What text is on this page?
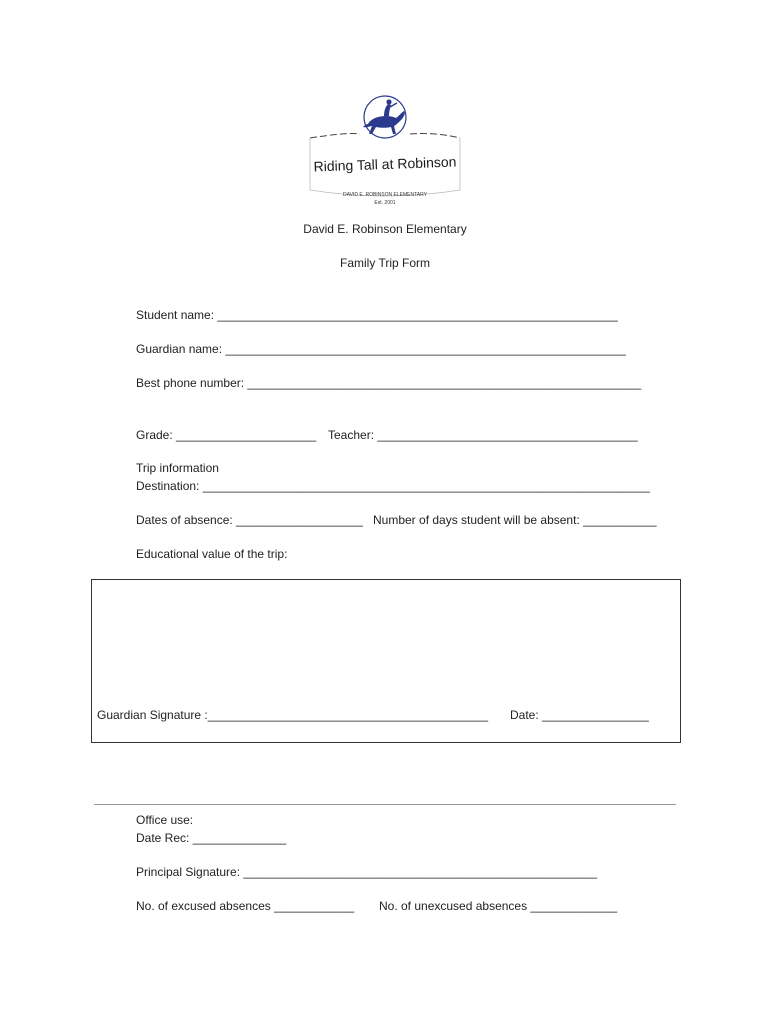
Riding Tall at Robinson
DAVID E. ROBINSON ELEMENTARY
Est. 2001
David E. Robinson Elementary
Family Trip Form
Student name: ____________________________________________________________
Guardian name: ____________________________________________________________
Best phone number: ___________________________________________________________
Grade: _____________________ Teacher: _______________________________________
Trip information
Destination: ___________________________________________________________________
Dates of absence: ___________________ Number of days student will be absent: ___________
Educational value of the trip:
Guardian Signature :__________________________________________ Date: ________________
Office use:
Date Rec: ______________
Principal Signature: _____________________________________________________
No. of excused absences ____________ No. of unexcused absences _____________
